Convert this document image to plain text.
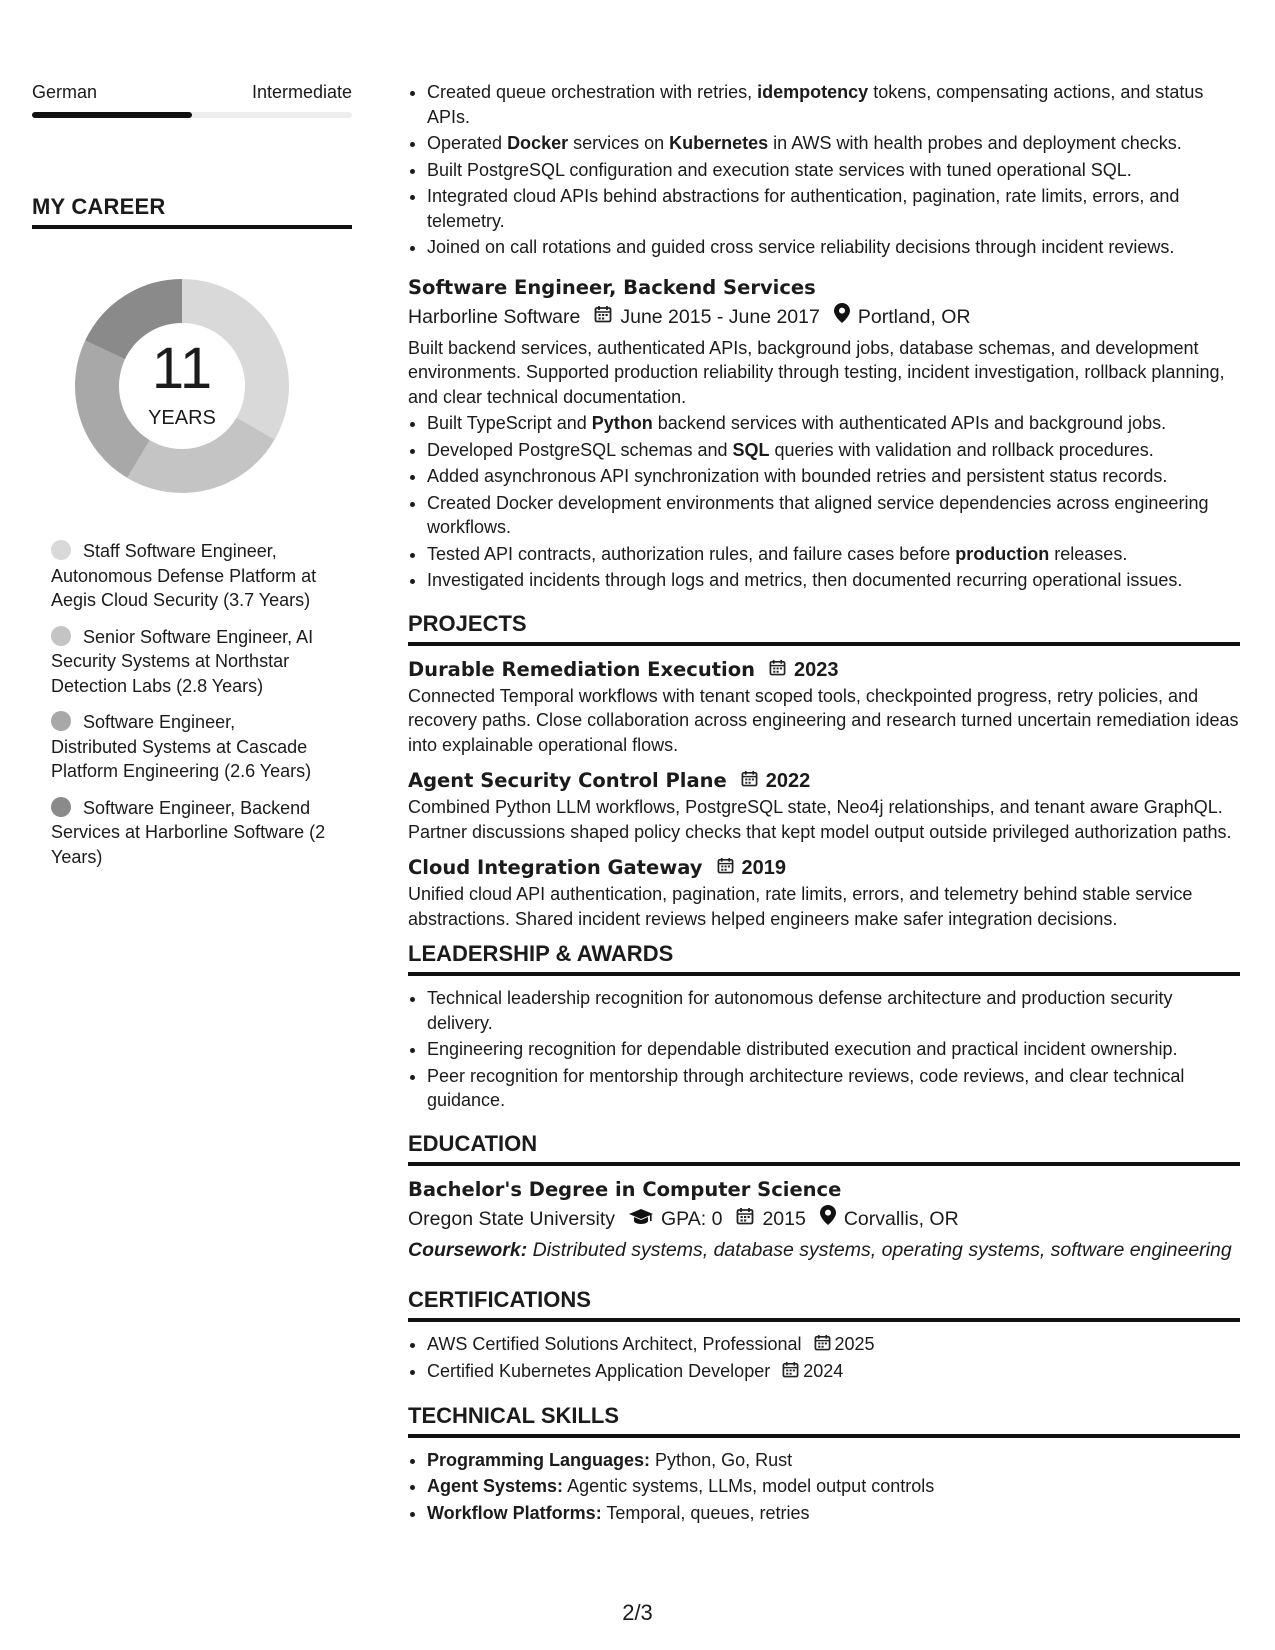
German	Intermediate
MY CAREER
11
YEARS
Staff Software Engineer, Autonomous Defense Platform at Aegis Cloud Security (3.7 Years)
Senior Software Engineer, AI Security Systems at Northstar Detection Labs (2.8 Years)
Software Engineer, Distributed Systems at Cascade Platform Engineering (2.6 Years)
Software Engineer, Backend Services at Harborline Software (2 Years)
• Created queue orchestration with retries, idempotency tokens, compensating actions, and status APIs.
• Operated Docker services on Kubernetes in AWS with health probes and deployment checks.
• Built PostgreSQL configuration and execution state services with tuned operational SQL.
• Integrated cloud APIs behind abstractions for authentication, pagination, rate limits, errors, and telemetry.
• Joined on call rotations and guided cross service reliability decisions through incident reviews.
Software Engineer, Backend Services
Harborline Software June 2015 - June 2017 Portland, OR
Built backend services, authenticated APIs, background jobs, database schemas, and development environments. Supported production reliability through testing, incident investigation, rollback planning, and clear technical documentation.
• Built TypeScript and Python backend services with authenticated APIs and background jobs.
• Developed PostgreSQL schemas and SQL queries with validation and rollback procedures.
• Added asynchronous API synchronization with bounded retries and persistent status records.
• Created Docker development environments that aligned service dependencies across engineering workflows.
• Tested API contracts, authorization rules, and failure cases before production releases.
• Investigated incidents through logs and metrics, then documented recurring operational issues.
PROJECTS
Durable Remediation Execution 2023
Connected Temporal workflows with tenant scoped tools, checkpointed progress, retry policies, and recovery paths. Close collaboration across engineering and research turned uncertain remediation ideas into explainable operational flows.
Agent Security Control Plane 2022
Combined Python LLM workflows, PostgreSQL state, Neo4j relationships, and tenant aware GraphQL. Partner discussions shaped policy checks that kept model output outside privileged authorization paths.
Cloud Integration Gateway 2019
Unified cloud API authentication, pagination, rate limits, errors, and telemetry behind stable service abstractions. Shared incident reviews helped engineers make safer integration decisions.
LEADERSHIP & AWARDS
• Technical leadership recognition for autonomous defense architecture and production security delivery.
• Engineering recognition for dependable distributed execution and practical incident ownership.
• Peer recognition for mentorship through architecture reviews, code reviews, and clear technical guidance.
EDUCATION
Bachelor's Degree in Computer Science
Oregon State University GPA: 0 2015 Corvallis, OR
Coursework: Distributed systems, database systems, operating systems, software engineering
CERTIFICATIONS
• AWS Certified Solutions Architect, Professional 2025
• Certified Kubernetes Application Developer 2024
TECHNICAL SKILLS
• Programming Languages: Python, Go, Rust
• Agent Systems: Agentic systems, LLMs, model output controls
• Workflow Platforms: Temporal, queues, retries
2/3
